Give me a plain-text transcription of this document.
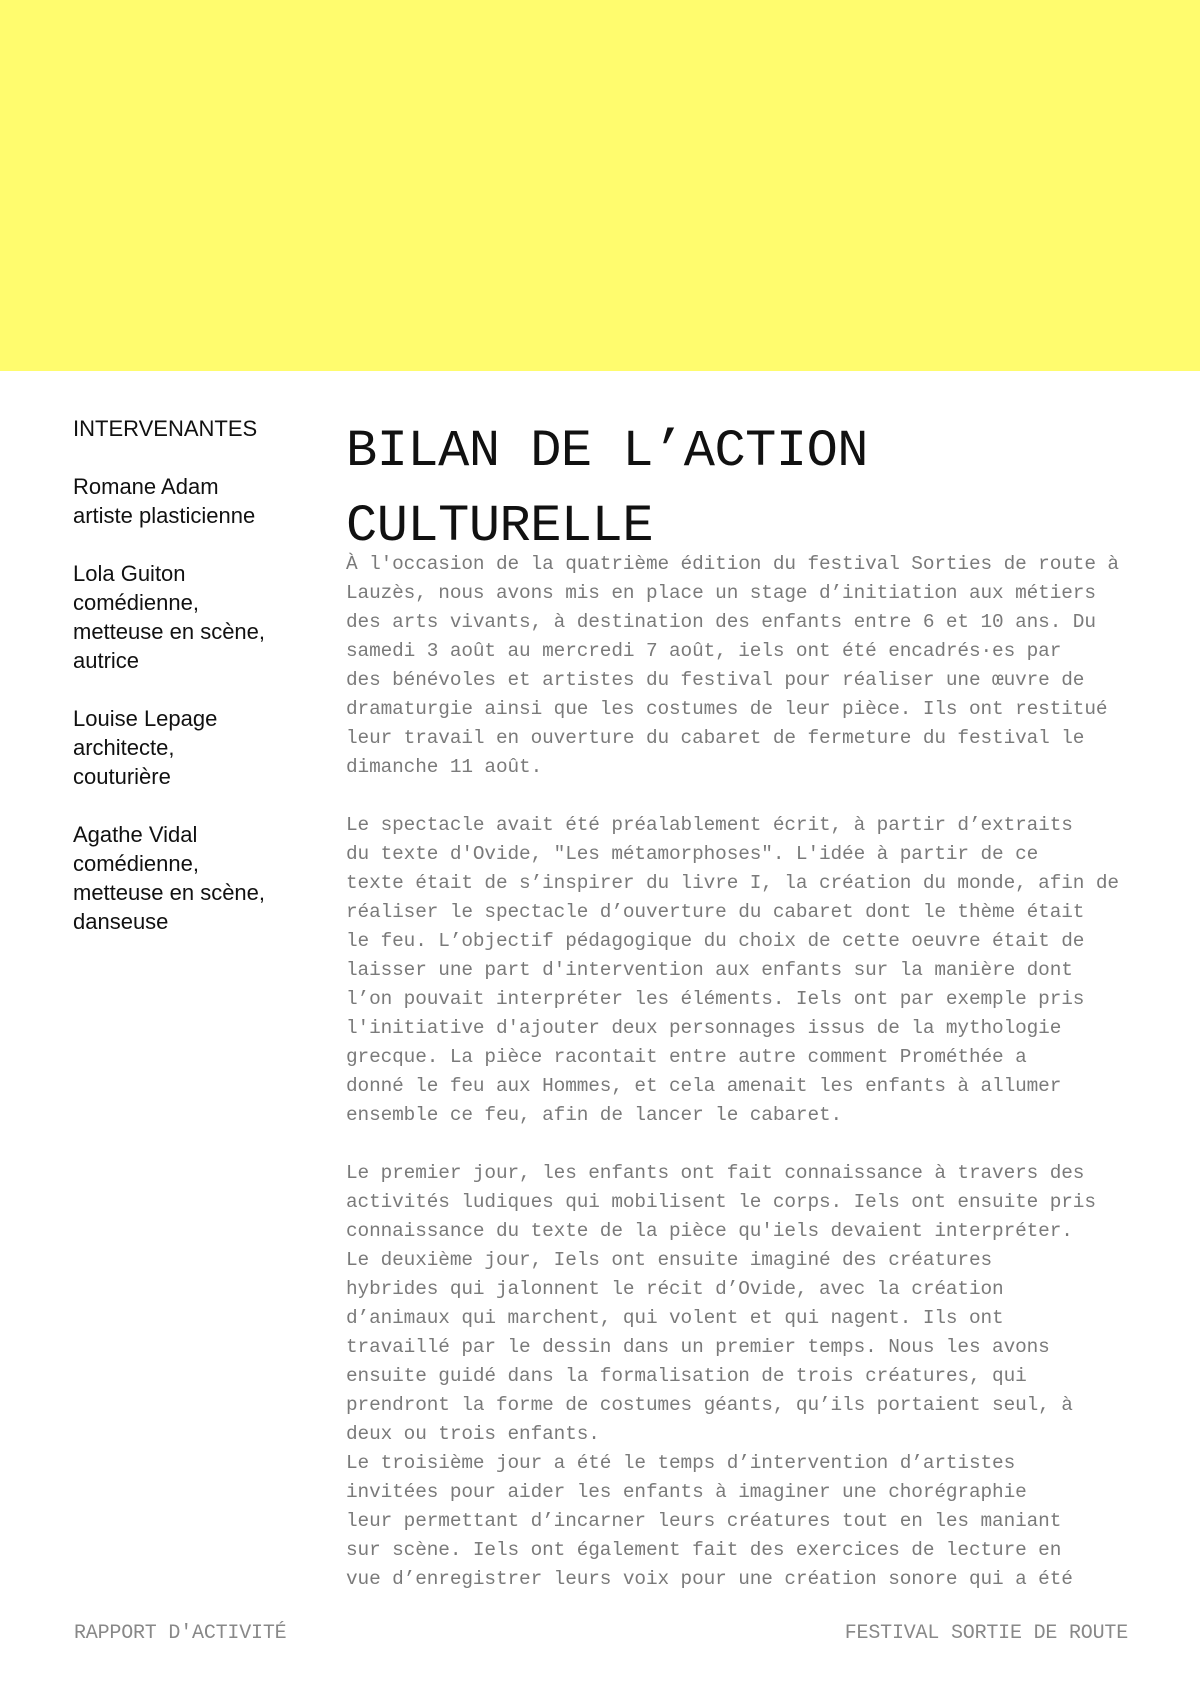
INTERVENANTES
Romane Adam
artiste plasticienne
Lola Guiton
comédienne,
metteuse en scène,
autrice
Louise Lepage
architecte,
couturière
Agathe Vidal
comédienne,
metteuse en scène,
danseuse
BILAN DE L’ACTION
CULTURELLE
À l'occasion de la quatrième édition du festival Sorties de route à
Lauzès, nous avons mis en place un stage d’initiation aux métiers
des arts vivants, à destination des enfants entre 6 et 10 ans. Du
samedi 3 août au mercredi 7 août, iels ont été encadrés·es par
des bénévoles et artistes du festival pour réaliser une œuvre de
dramaturgie ainsi que les costumes de leur pièce. Ils ont restitué
leur travail en ouverture du cabaret de fermeture du festival le
dimanche 11 août.
Le spectacle avait été préalablement écrit, à partir d’extraits
du texte d'Ovide, "Les métamorphoses". L'idée à partir de ce
texte était de s’inspirer du livre I, la création du monde, afin de
réaliser le spectacle d’ouverture du cabaret dont le thème était
le feu. L’objectif pédagogique du choix de cette oeuvre était de
laisser une part d'intervention aux enfants sur la manière dont
l’on pouvait interpréter les éléments. Iels ont par exemple pris
l'initiative d'ajouter deux personnages issus de la mythologie
grecque. La pièce racontait entre autre comment Prométhée a
donné le feu aux Hommes, et cela amenait les enfants à allumer
ensemble ce feu, afin de lancer le cabaret.
Le premier jour, les enfants ont fait connaissance à travers des
activités ludiques qui mobilisent le corps. Iels ont ensuite pris
connaissance du texte de la pièce qu'iels devaient interpréter.
Le deuxième jour, Iels ont ensuite imaginé des créatures
hybrides qui jalonnent le récit d’Ovide, avec la création
d’animaux qui marchent, qui volent et qui nagent. Ils ont
travaillé par le dessin dans un premier temps. Nous les avons
ensuite guidé dans la formalisation de trois créatures, qui
prendront la forme de costumes géants, qu’ils portaient seul, à
deux ou trois enfants.
Le troisième jour a été le temps d’intervention d’artistes
invitées pour aider les enfants à imaginer une chorégraphie
leur permettant d’incarner leurs créatures tout en les maniant
sur scène. Iels ont également fait des exercices de lecture en
vue d’enregistrer leurs voix pour une création sonore qui a été
RAPPORT D'ACTIVITÉ	FESTIVAL SORTIE DE ROUTE
